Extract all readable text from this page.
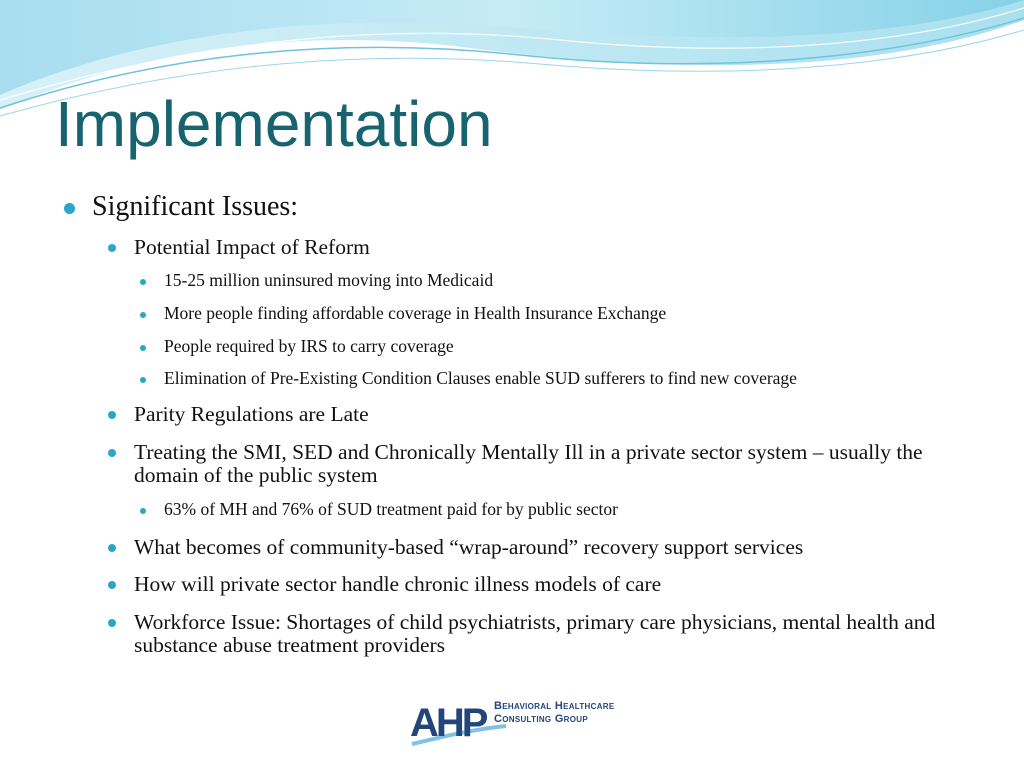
Implementation
Significant Issues:
Potential Impact of Reform
15-25 million uninsured moving into Medicaid
More people finding affordable coverage in Health Insurance Exchange
People required by IRS to carry coverage
Elimination of Pre-Existing Condition Clauses enable SUD sufferers to find new coverage
Parity Regulations are Late
Treating the SMI, SED and Chronically Mentally Ill in a private sector system – usually the domain of the public system
63% of MH and 76% of SUD treatment paid for by public sector
What becomes of community-based “wrap-around” recovery support services
How will private sector handle chronic illness models of care
Workforce Issue: Shortages of child psychiatrists, primary care physicians, mental health and substance abuse treatment providers
AHP Behavioral Healthcare
Consulting Group
